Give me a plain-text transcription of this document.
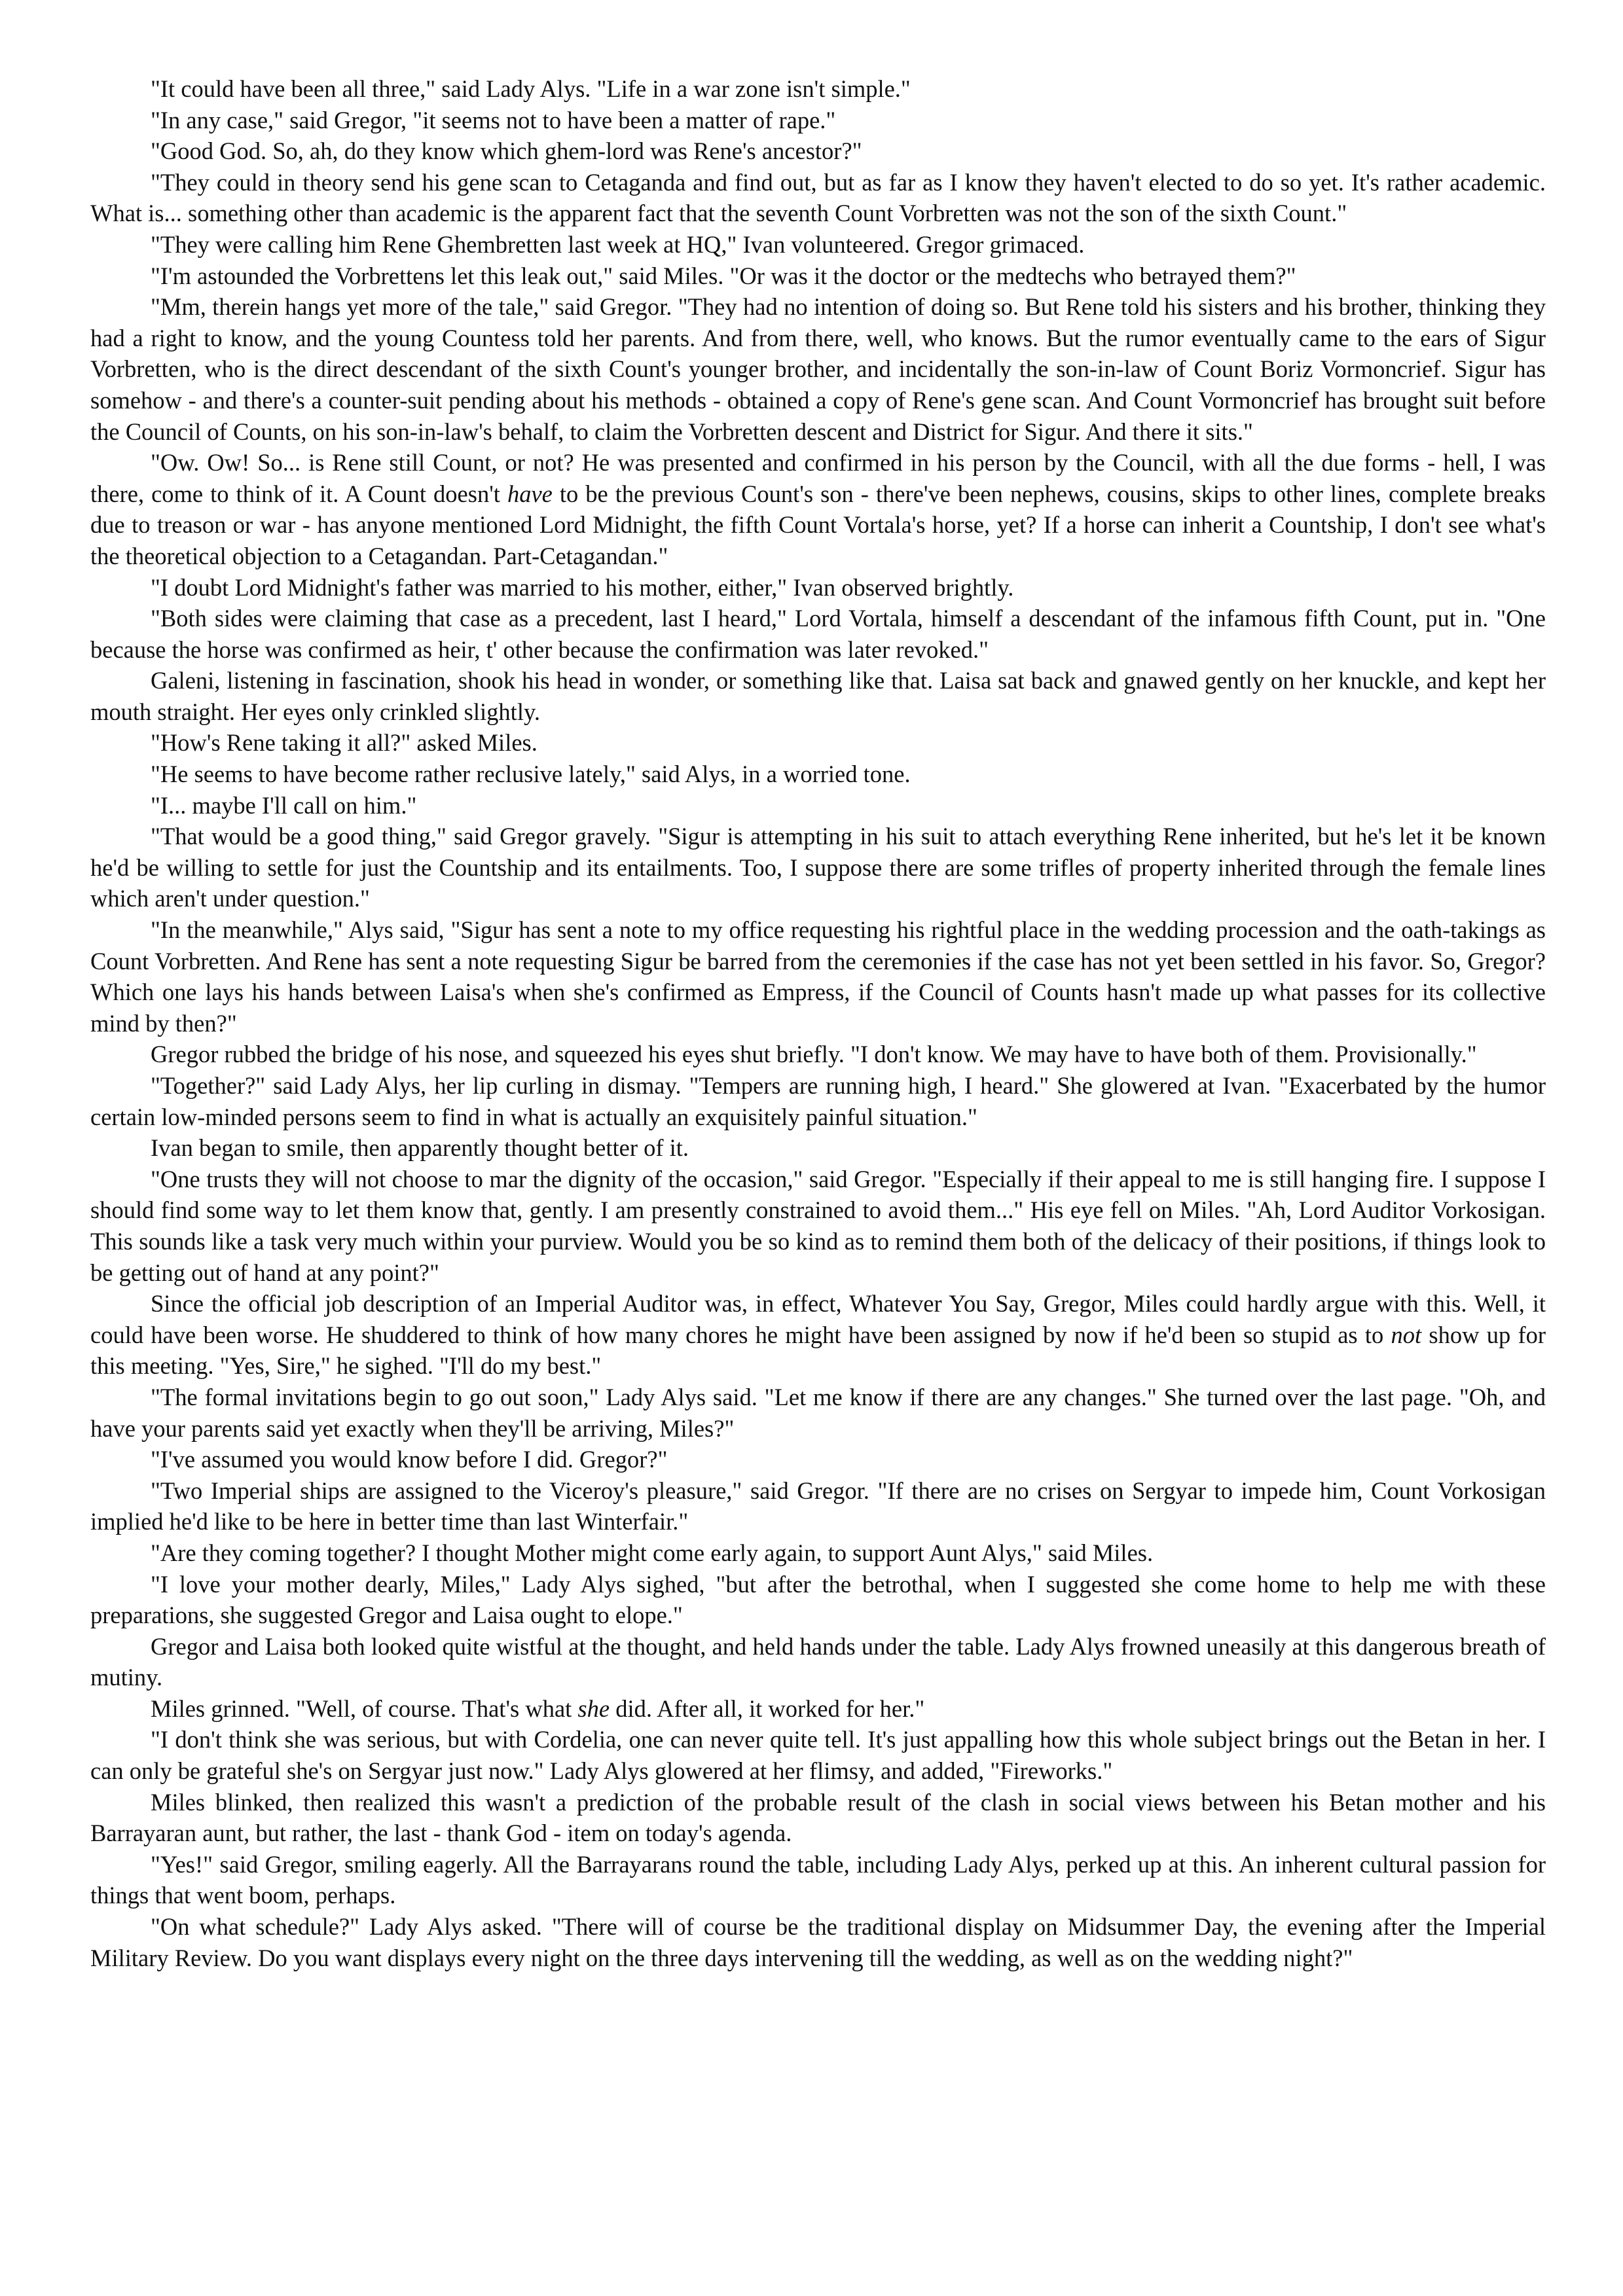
"It could have been all three," said Lady Alys. "Life in a war zone isn't simple."

"In any case," said Gregor, "it seems not to have been a matter of rape."

"Good God. So, ah, do they know which ghem-lord was Rene's ancestor?"

"They could in theory send his gene scan to Cetaganda and find out, but as far as I know they haven't elected to do so yet. It's rather academic. What is... something other than academic is the apparent fact that the seventh Count Vorbretten was not the son of the sixth Count."

"They were calling him Rene Ghembretten last week at HQ," Ivan volunteered. Gregor grimaced.

"I'm astounded the Vorbrettens let this leak out," said Miles. "Or was it the doctor or the medtechs who betrayed them?"

"Mm, therein hangs yet more of the tale," said Gregor. "They had no intention of doing so. But Rene told his sisters and his brother, thinking they had a right to know, and the young Countess told her parents. And from there, well, who knows. But the rumor eventually came to the ears of Sigur Vorbretten, who is the direct descendant of the sixth Count's younger brother, and incidentally the son-in-law of Count Boriz Vormoncrief. Sigur has somehow - and there's a counter-suit pending about his methods - obtained a copy of Rene's gene scan. And Count Vormoncrief has brought suit before the Council of Counts, on his son-in-law's behalf, to claim the Vorbretten descent and District for Sigur. And there it sits."

"Ow. Ow! So... is Rene still Count, or not? He was presented and confirmed in his person by the Council, with all the due forms - hell, I was there, come to think of it. A Count doesn't have to be the previous Count's son - there've been nephews, cousins, skips to other lines, complete breaks due to treason or war - has anyone mentioned Lord Midnight, the fifth Count Vortala's horse, yet? If a horse can inherit a Countship, I don't see what's the theoretical objection to a Cetagandan. Part-Cetagandan."

"I doubt Lord Midnight's father was married to his mother, either," Ivan observed brightly.

"Both sides were claiming that case as a precedent, last I heard," Lord Vortala, himself a descendant of the infamous fifth Count, put in. "One because the horse was confirmed as heir, t' other because the confirmation was later revoked."

Galeni, listening in fascination, shook his head in wonder, or something like that. Laisa sat back and gnawed gently on her knuckle, and kept her mouth straight. Her eyes only crinkled slightly.

"How's Rene taking it all?" asked Miles.

"He seems to have become rather reclusive lately," said Alys, in a worried tone.

"I... maybe I'll call on him."

"That would be a good thing," said Gregor gravely. "Sigur is attempting in his suit to attach everything Rene inherited, but he's let it be known he'd be willing to settle for just the Countship and its entailments. Too, I suppose there are some trifles of property inherited through the female lines which aren't under question."

"In the meanwhile," Alys said, "Sigur has sent a note to my office requesting his rightful place in the wedding procession and the oath-takings as Count Vorbretten. And Rene has sent a note requesting Sigur be barred from the ceremonies if the case has not yet been settled in his favor. So, Gregor? Which one lays his hands between Laisa's when she's confirmed as Empress, if the Council of Counts hasn't made up what passes for its collective mind by then?"

Gregor rubbed the bridge of his nose, and squeezed his eyes shut briefly. "I don't know. We may have to have both of them. Provisionally."

"Together?" said Lady Alys, her lip curling in dismay. "Tempers are running high, I heard." She glowered at Ivan. "Exacerbated by the humor certain low-minded persons seem to find in what is actually an exquisitely painful situation."

Ivan began to smile, then apparently thought better of it.

"One trusts they will not choose to mar the dignity of the occasion," said Gregor. "Especially if their appeal to me is still hanging fire. I suppose I should find some way to let them know that, gently. I am presently constrained to avoid them..." His eye fell on Miles. "Ah, Lord Auditor Vorkosigan. This sounds like a task very much within your purview. Would you be so kind as to remind them both of the delicacy of their positions, if things look to be getting out of hand at any point?"

Since the official job description of an Imperial Auditor was, in effect, Whatever You Say, Gregor, Miles could hardly argue with this. Well, it could have been worse. He shuddered to think of how many chores he might have been assigned by now if he'd been so stupid as to not show up for this meeting. "Yes, Sire," he sighed. "I'll do my best."

"The formal invitations begin to go out soon," Lady Alys said. "Let me know if there are any changes." She turned over the last page. "Oh, and have your parents said yet exactly when they'll be arriving, Miles?"

"I've assumed you would know before I did. Gregor?"

"Two Imperial ships are assigned to the Viceroy's pleasure," said Gregor. "If there are no crises on Sergyar to impede him, Count Vorkosigan implied he'd like to be here in better time than last Winterfair."

"Are they coming together? I thought Mother might come early again, to support Aunt Alys," said Miles.

"I love your mother dearly, Miles," Lady Alys sighed, "but after the betrothal, when I suggested she come home to help me with these preparations, she suggested Gregor and Laisa ought to elope."

Gregor and Laisa both looked quite wistful at the thought, and held hands under the table. Lady Alys frowned uneasily at this dangerous breath of mutiny.

Miles grinned. "Well, of course. That's what she did. After all, it worked for her."

"I don't think she was serious, but with Cordelia, one can never quite tell. It's just appalling how this whole subject brings out the Betan in her. I can only be grateful she's on Sergyar just now." Lady Alys glowered at her flimsy, and added, "Fireworks."

Miles blinked, then realized this wasn't a prediction of the probable result of the clash in social views between his Betan mother and his Barrayaran aunt, but rather, the last - thank God - item on today's agenda.

"Yes!" said Gregor, smiling eagerly. All the Barrayarans round the table, including Lady Alys, perked up at this. An inherent cultural passion for things that went boom, perhaps.

"On what schedule?" Lady Alys asked. "There will of course be the traditional display on Midsummer Day, the evening after the Imperial Military Review. Do you want displays every night on the three days intervening till the wedding, as well as on the wedding night?"
